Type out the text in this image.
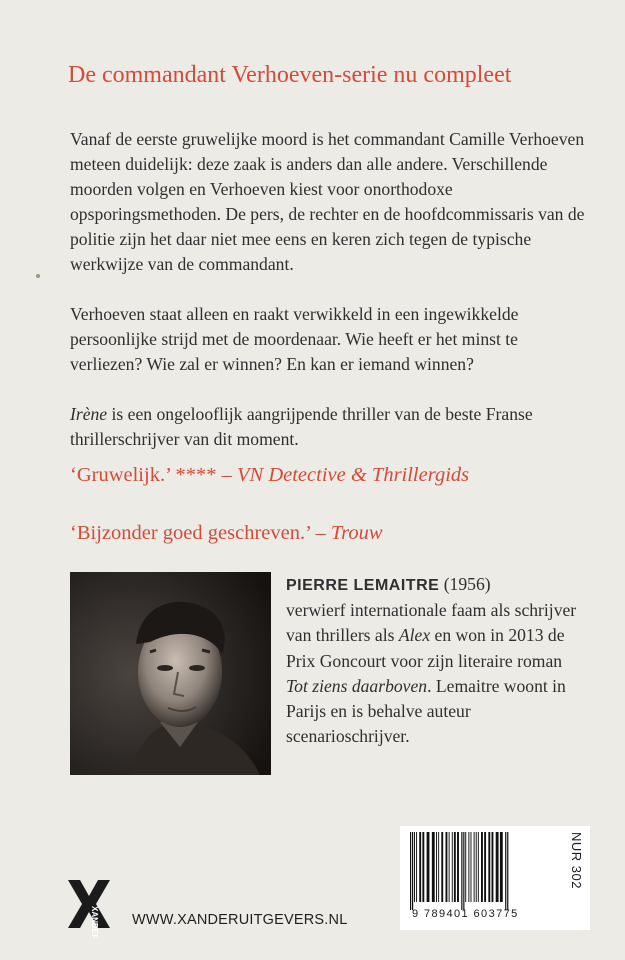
De commandant Verhoeven-serie nu compleet

Vanaf de eerste gruwelijke moord is het commandant Camille Verhoeven meteen duidelijk: deze zaak is anders dan alle andere. Verschillende moorden volgen en Verhoeven kiest voor onorthodoxe opsporingsmethoden. De pers, de rechter en de hoofdcommissaris van de politie zijn het daar niet mee eens en keren zich tegen de typische werkwijze van de commandant.

Verhoeven staat alleen en raakt verwikkeld in een ingewikkelde persoonlijke strijd met de moordenaar. Wie heeft er het minst te verliezen? Wie zal er winnen? En kan er iemand winnen?

Irène is een ongelooflijk aangrijpende thriller van de beste Franse thrillerschrijver van dit moment.

‘Gruwelijk.’ **** – VN Detective & Thrillergids
‘Bijzonder goed geschreven.’ – Trouw
PIERRE LEMAITRE (1956)
verwierf internationale faam als schrijver van thrillers als Alex en won in 2013 de Prix Goncourt voor zijn literaire roman Tot ziens daarboven. Lemaitre woont in Parijs en is behalve auteur scenarioschrijver.
9 789401 603775
NUR 302
XANDER WWW.XANDERUITGEVERS.NL
